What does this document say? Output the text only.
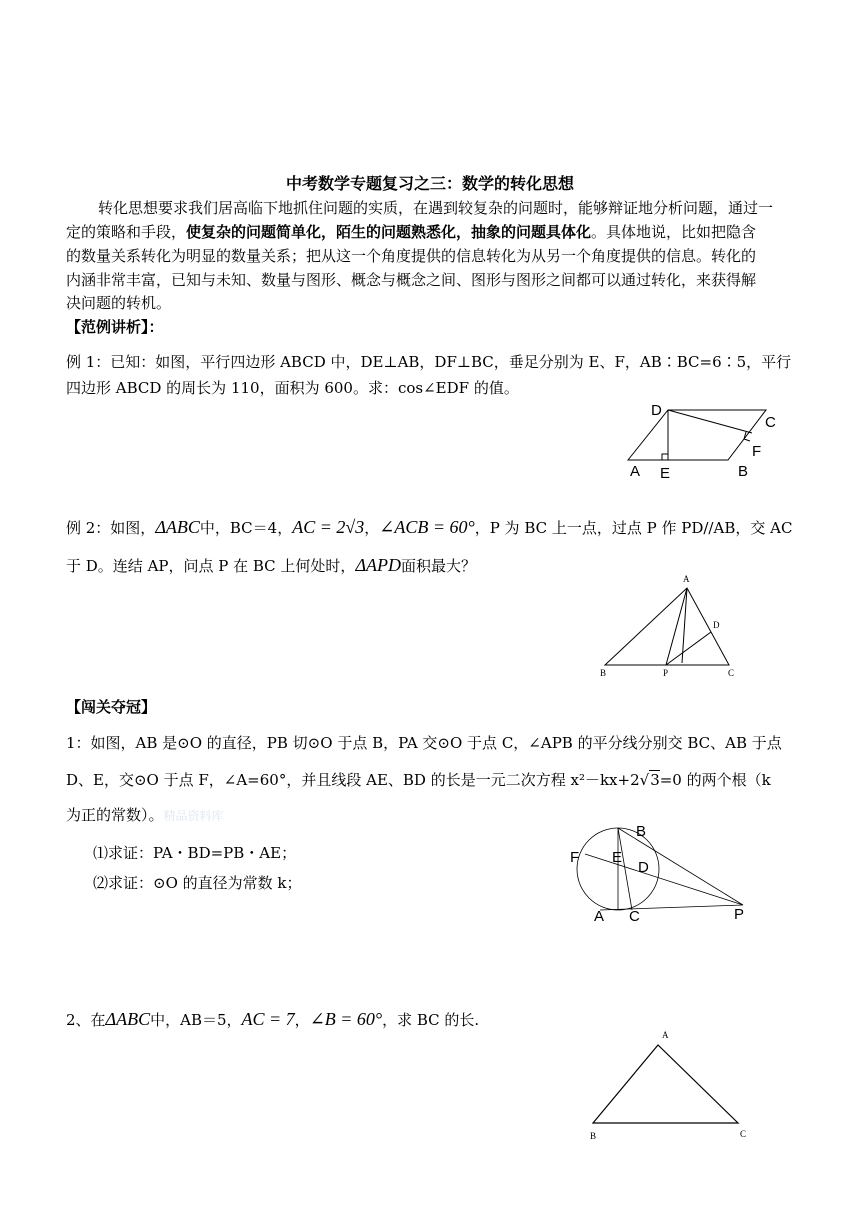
中考数学专题复习之三：数学的转化思想
转化思想要求我们居高临下地抓住问题的实质，在遇到较复杂的问题时，能够辩证地分析问题，通过一
定的策略和手段，使复杂的问题简单化，陌生的问题熟悉化，抽象的问题具体化。具体地说，比如把隐含
的数量关系转化为明显的数量关系；把从这一个角度提供的信息转化为从另一个角度提供的信息。转化的
内涵非常丰富，已知与未知、数量与图形、概念与概念之间、图形与图形之间都可以通过转化，来获得解
决问题的转机。
【范例讲析】：
例 1：已知：如图，平行四边形 ABCD 中，DE⊥AB，DF⊥BC，垂足分别为 E、F，AB∶BC=6∶5，平行
四边形 ABCD 的周长为 110，面积为 600。求：cos∠EDF 的值。
D
C
F
A E	B
例 2：如图，ΔABC中，BC＝4，AC = 2√3，∠ACB = 60°，P 为 BC 上一点，过点 P 作 PD//AB，交 AC
于 D。连结 AP，问点 P 在 BC 上何处时，ΔAPD面积最大？
A
D
B	P	C
【闯关夺冠】
1：如图，AB 是⊙O 的直径，PB 切⊙O 于点 B，PA 交⊙O 于点 C，∠APB 的平分线分别交 BC、AB 于点
D、E，交⊙O 于点 F，∠A=60°，并且线段 AE、BD 的长是一元二次方程 x²－kx+2√3=0 的两个根（k
为正的常数）。精品资料库
⑴求证：PA・BD=PB・AE；
⑵求证：⊙O 的直径为常数 k；
B
F E
D
A C	P
2、在ΔABC中，AB＝5，AC = 7，∠B = 60°，求 BC 的长.
A
B	C
